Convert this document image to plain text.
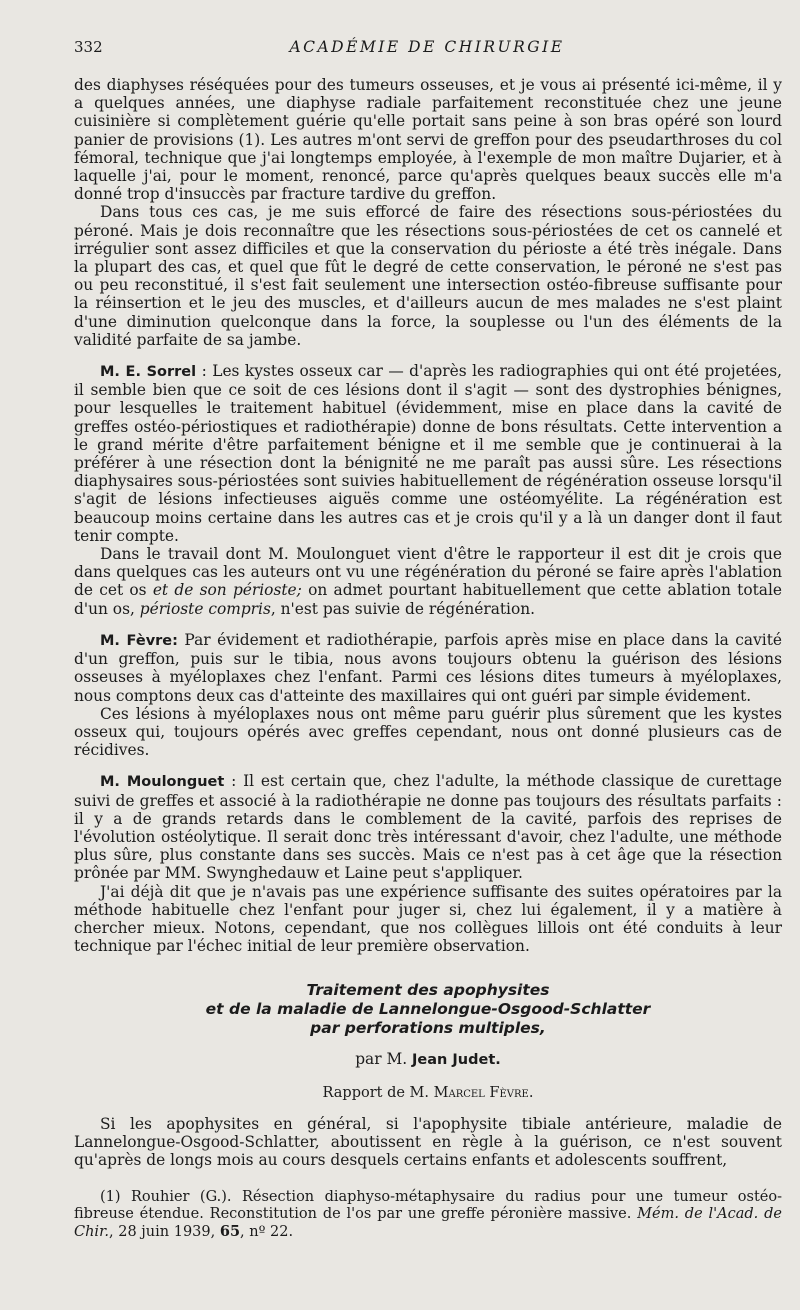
332	ACADÉMIE DE CHIRURGIE

des diaphyses réséquées pour des tumeurs osseuses, et je vous ai présenté ici-même, il y a quelques années, une diaphyse radiale parfaitement reconstituée chez une jeune cuisinière si complètement guérie qu'elle portait sans peine à son bras opéré son lourd panier de provisions (1). Les autres m'ont servi de greffon pour des pseudarthroses du col fémoral, technique que j'ai longtemps employée, à l'exemple de mon maître Dujarier, et à laquelle j'ai, pour le moment, renoncé, parce qu'après quelques beaux succès elle m'a donné trop d'insuccès par fracture tardive du greffon.

Dans tous ces cas, je me suis efforcé de faire des résections sous-périostées du péroné. Mais je dois reconnaître que les résections sous-périostées de cet os cannelé et irrégulier sont assez difficiles et que la conservation du périoste a été très inégale. Dans la plupart des cas, et quel que fût le degré de cette conservation, le péroné ne s'est pas ou peu reconstitué, il s'est fait seulement une intersection ostéo-fibreuse suffisante pour la réinsertion et le jeu des muscles, et d'ailleurs aucun de mes malades ne s'est plaint d'une diminution quelconque dans la force, la souplesse ou l'un des éléments de la validité parfaite de sa jambe.

M. E. Sorrel : Les kystes osseux car — d'après les radiographies qui ont été projetées, il semble bien que ce soit de ces lésions dont il s'agit — sont des dystrophies bénignes, pour lesquelles le traitement habituel (évidemment, mise en place dans la cavité de greffes ostéo-périostiques et radiothérapie) donne de bons résultats. Cette intervention a le grand mérite d'être parfaitement bénigne et il me semble que je continuerai à la préférer à une résection dont la bénignité ne me paraît pas aussi sûre. Les résections diaphysaires sous-périostées sont suivies habituellement de régénération osseuse lorsqu'il s'agit de lésions infectieuses aiguës comme une ostéomyélite. La régénération est beaucoup moins certaine dans les autres cas et je crois qu'il y a là un danger dont il faut tenir compte.

Dans le travail dont M. Moulonguet vient d'être le rapporteur il est dit je crois que dans quelques cas les auteurs ont vu une régénération du péroné se faire après l'ablation de cet os et de son périoste; on admet pourtant habituellement que cette ablation totale d'un os, périoste compris, n'est pas suivie de régénération.

M. Fèvre: Par évidement et radiothérapie, parfois après mise en place dans la cavité d'un greffon, puis sur le tibia, nous avons toujours obtenu la guérison des lésions osseuses à myéloplaxes chez l'enfant. Parmi ces lésions dites tumeurs à myéloplaxes, nous comptons deux cas d'atteinte des maxillaires qui ont guéri par simple évidement.

Ces lésions à myéloplaxes nous ont même paru guérir plus sûrement que les kystes osseux qui, toujours opérés avec greffes cependant, nous ont donné plusieurs cas de récidives.

M. Moulonguet : Il est certain que, chez l'adulte, la méthode classique de curettage suivi de greffes et associé à la radiothérapie ne donne pas toujours des résultats parfaits : il y a de grands retards dans le comblement de la cavité, parfois des reprises de l'évolution ostéolytique. Il serait donc très intéressant d'avoir, chez l'adulte, une méthode plus sûre, plus constante dans ses succès. Mais ce n'est pas à cet âge que la résection prônée par MM. Swynghedauw et Laine peut s'appliquer.

J'ai déjà dit que je n'avais pas une expérience suffisante des suites opératoires par la méthode habituelle chez l'enfant pour juger si, chez lui également, il y a matière à chercher mieux. Notons, cependant, que nos collègues lillois ont été conduits à leur technique par l'échec initial de leur première observation.

Traitement des apophysites
et de la maladie de Lannelongue-Osgood-Schlatter
par perforations multiples,

par M. Jean Judet.

Rapport de M. Marcel Fèvre.

Si les apophysites en général, si l'apophysite tibiale antérieure, maladie de Lannelongue-Osgood-Schlatter, aboutissent en règle à la guérison, ce n'est souvent qu'après de longs mois au cours desquels certains enfants et adolescents souffrent,

(1) Rouhier (G.). Résection diaphyso-métaphysaire du radius pour une tumeur ostéo-fibreuse étendue. Reconstitution de l'os par une greffe péronière massive. Mém. de l'Acad. de Chir., 28 juin 1939, 65, nº 22.
